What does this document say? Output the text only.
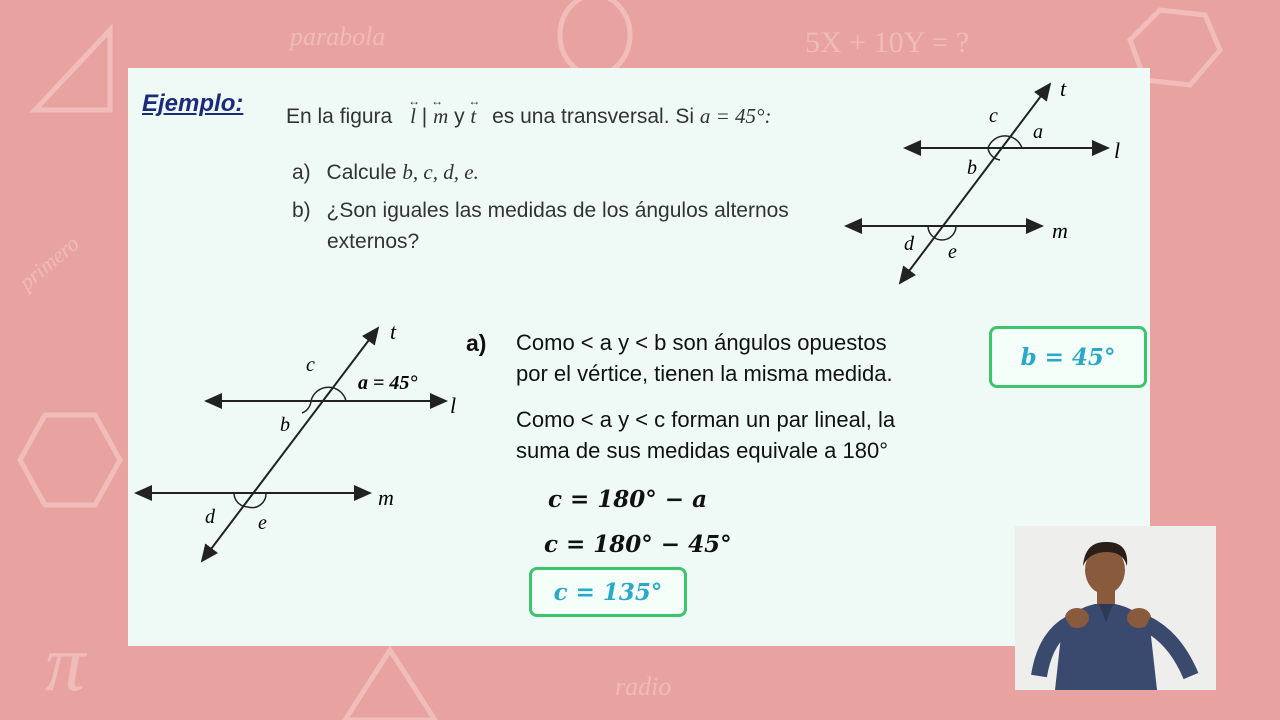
parabola	5X + 10Y = ?
primero
radio
π
Ejemplo: En la figura ↔ l | ↔ m y ↔ t es una transversal. Si a = 45°:
a) Calcule b, c, d, e.
b) ¿Son iguales las medidas de los ángulos alternos
externos?
t
l
m
c
a
b
d e
t
l
m
c
b
d e
a = 45°
a) Como < a y < b son ángulos opuestos
por el vértice, tienen la misma medida.
Como < a y < c forman un par lineal, la
suma de sus medidas equivale a 180°
c = 180° − a
c = 180° − 45°
c = 135°
b = 45°
